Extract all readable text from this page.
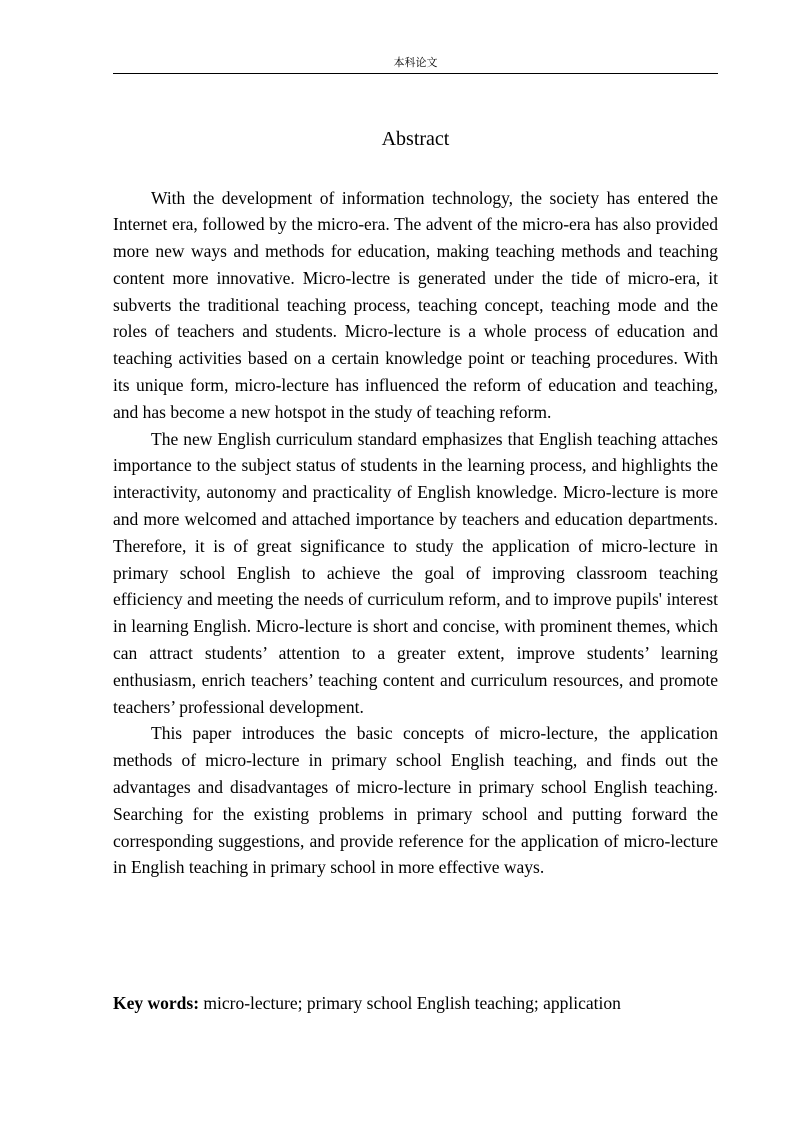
本科论文
Abstract

With the development of information technology, the society has entered the Internet era, followed by the micro-era. The advent of the micro-era has also provided more new ways and methods for education, making teaching methods and teaching content more innovative. Micro-lectre is generated under the tide of micro-era, it subverts the traditional teaching process, teaching concept, teaching mode and the roles of teachers and students. Micro-lecture is a whole process of education and teaching activities based on a certain knowledge point or teaching procedures. With its unique form, micro-lecture has influenced the reform of education and teaching, and has become a new hotspot in the study of teaching reform.

The new English curriculum standard emphasizes that English teaching attaches importance to the subject status of students in the learning process, and highlights the interactivity, autonomy and practicality of English knowledge. Micro-lecture is more and more welcomed and attached importance by teachers and education departments. Therefore, it is of great significance to study the application of micro-lecture in primary school English to achieve the goal of improving classroom teaching efficiency and meeting the needs of curriculum reform, and to improve pupils' interest in learning English. Micro-lecture is short and concise, with prominent themes, which can attract students’ attention to a greater extent, improve students’ learning enthusiasm, enrich teachers’ teaching content and curriculum resources, and promote teachers’ professional development.

This paper introduces the basic concepts of micro-lecture, the application methods of micro-lecture in primary school English teaching, and finds out the advantages and disadvantages of micro-lecture in primary school English teaching. Searching for the existing problems in primary school and putting forward the corresponding suggestions, and provide reference for the application of micro-lecture in English teaching in primary school in more effective ways.

Key words: micro-lecture; primary school English teaching; application
